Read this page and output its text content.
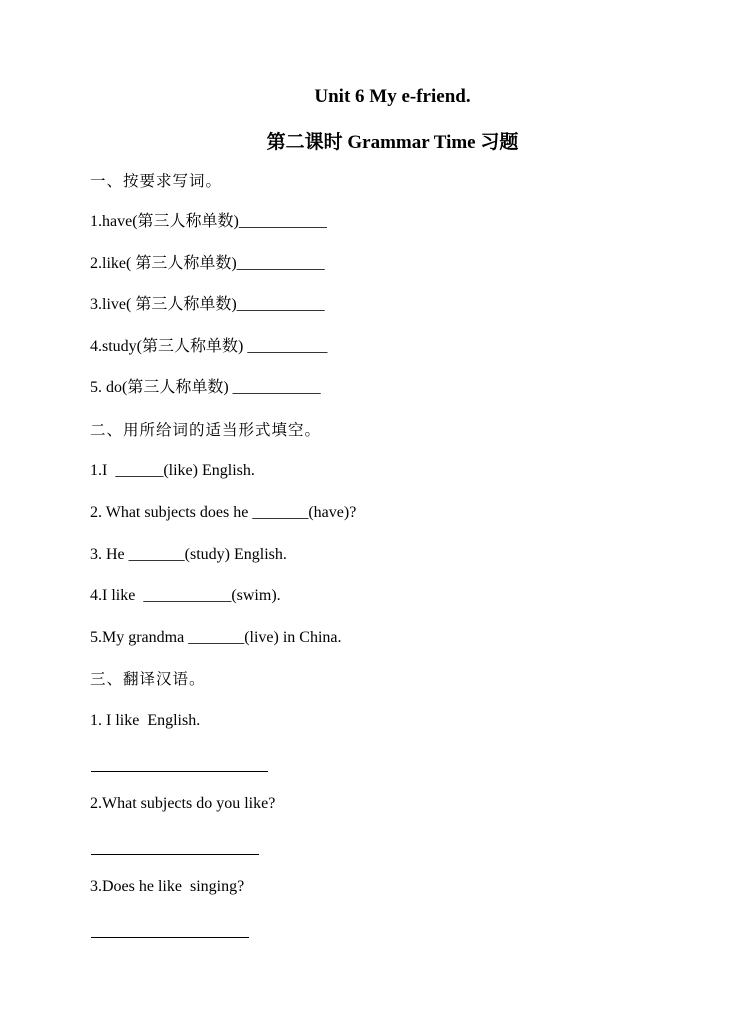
Unit 6 My e-friend.
第二课时 Grammar Time 习题
一、按要求写词。
1.have(第三人称单数)___________
2.like( 第三人称单数)___________
3.live( 第三人称单数)___________
4.study(第三人称单数) __________
5. do(第三人称单数) ___________
二、用所给词的适当形式填空。
1.I  ______(like) English.
2. What subjects does he _______(have)?
3. He _______(study) English.
4.I like  ___________(swim).
5.My grandma _______(live) in China.
三、翻译汉语。
1. I like  English.
2.What subjects do you like?
3.Does he like  singing?
